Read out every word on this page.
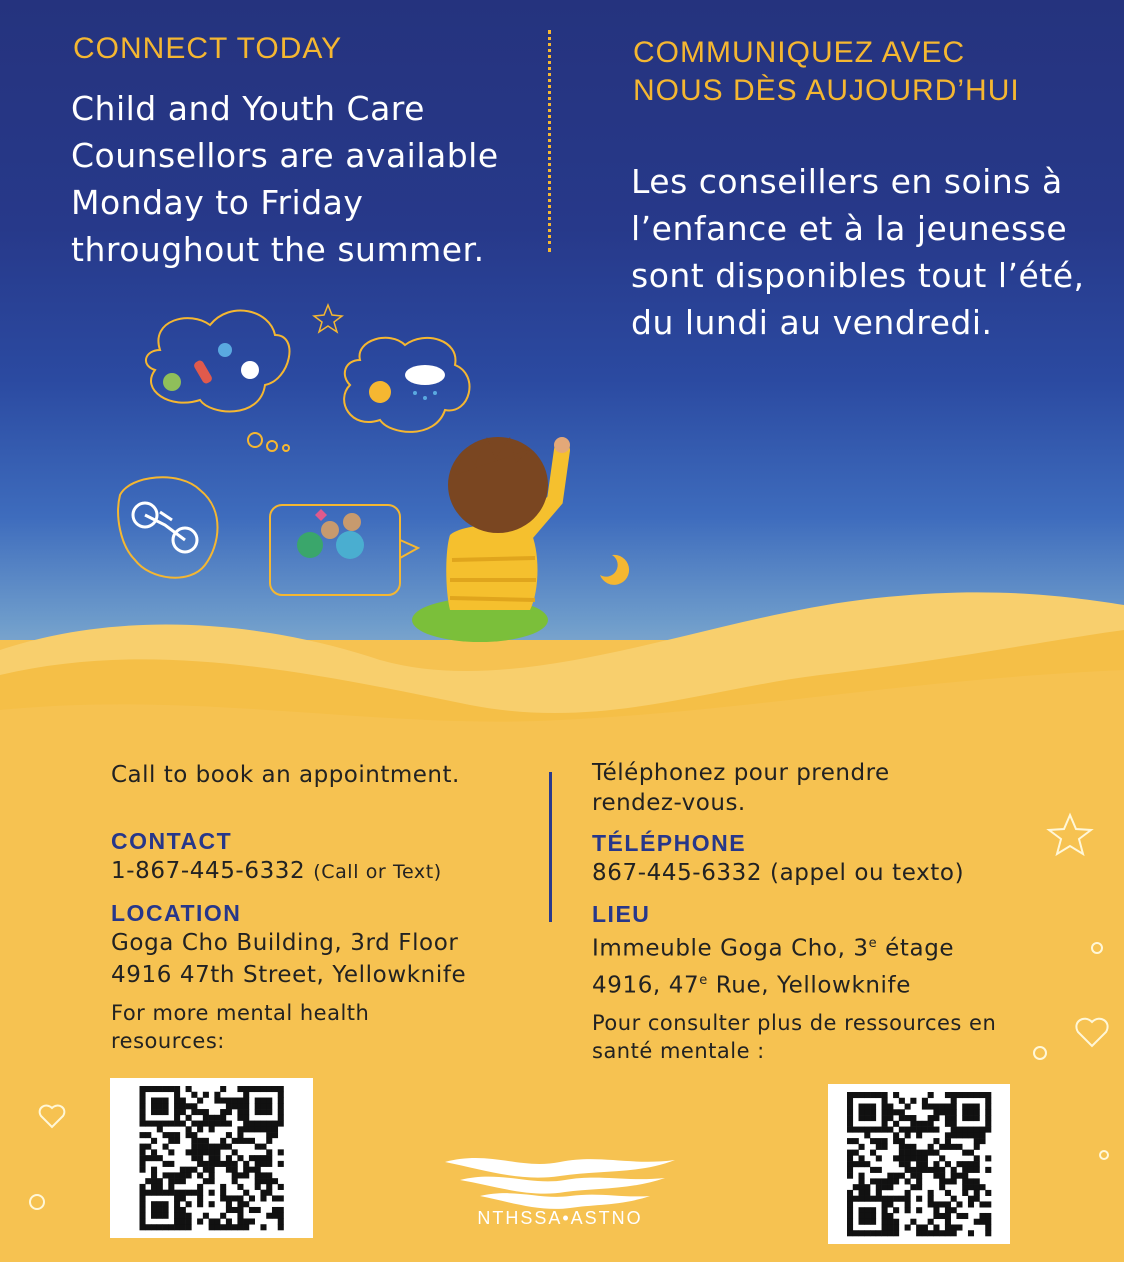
CONNECT TODAY
Child and Youth Care Counsellors are available Monday to Friday throughout the summer.
COMMUNIQUEZ AVEC NOUS DÈS AUJOURD’HUI
Les conseillers en soins à l’enfance et à la jeunesse sont disponibles tout l’été, du lundi au vendredi.
Call to book an appointment.
CONTACT
1-867-445-6332 (Call or Text)
LOCATION
Goga Cho Building, 3rd Floor
4916 47th Street, Yellowknife
For more mental health resources:
Téléphonez pour prendre rendez-vous.
TÉLÉPHONE
867-445-6332 (appel ou texto)
LIEU
Immeuble Goga Cho, 3e étage
4916, 47e Rue, Yellowknife
Pour consulter plus de ressources en santé mentale :
NTHSSA•ASTNO
